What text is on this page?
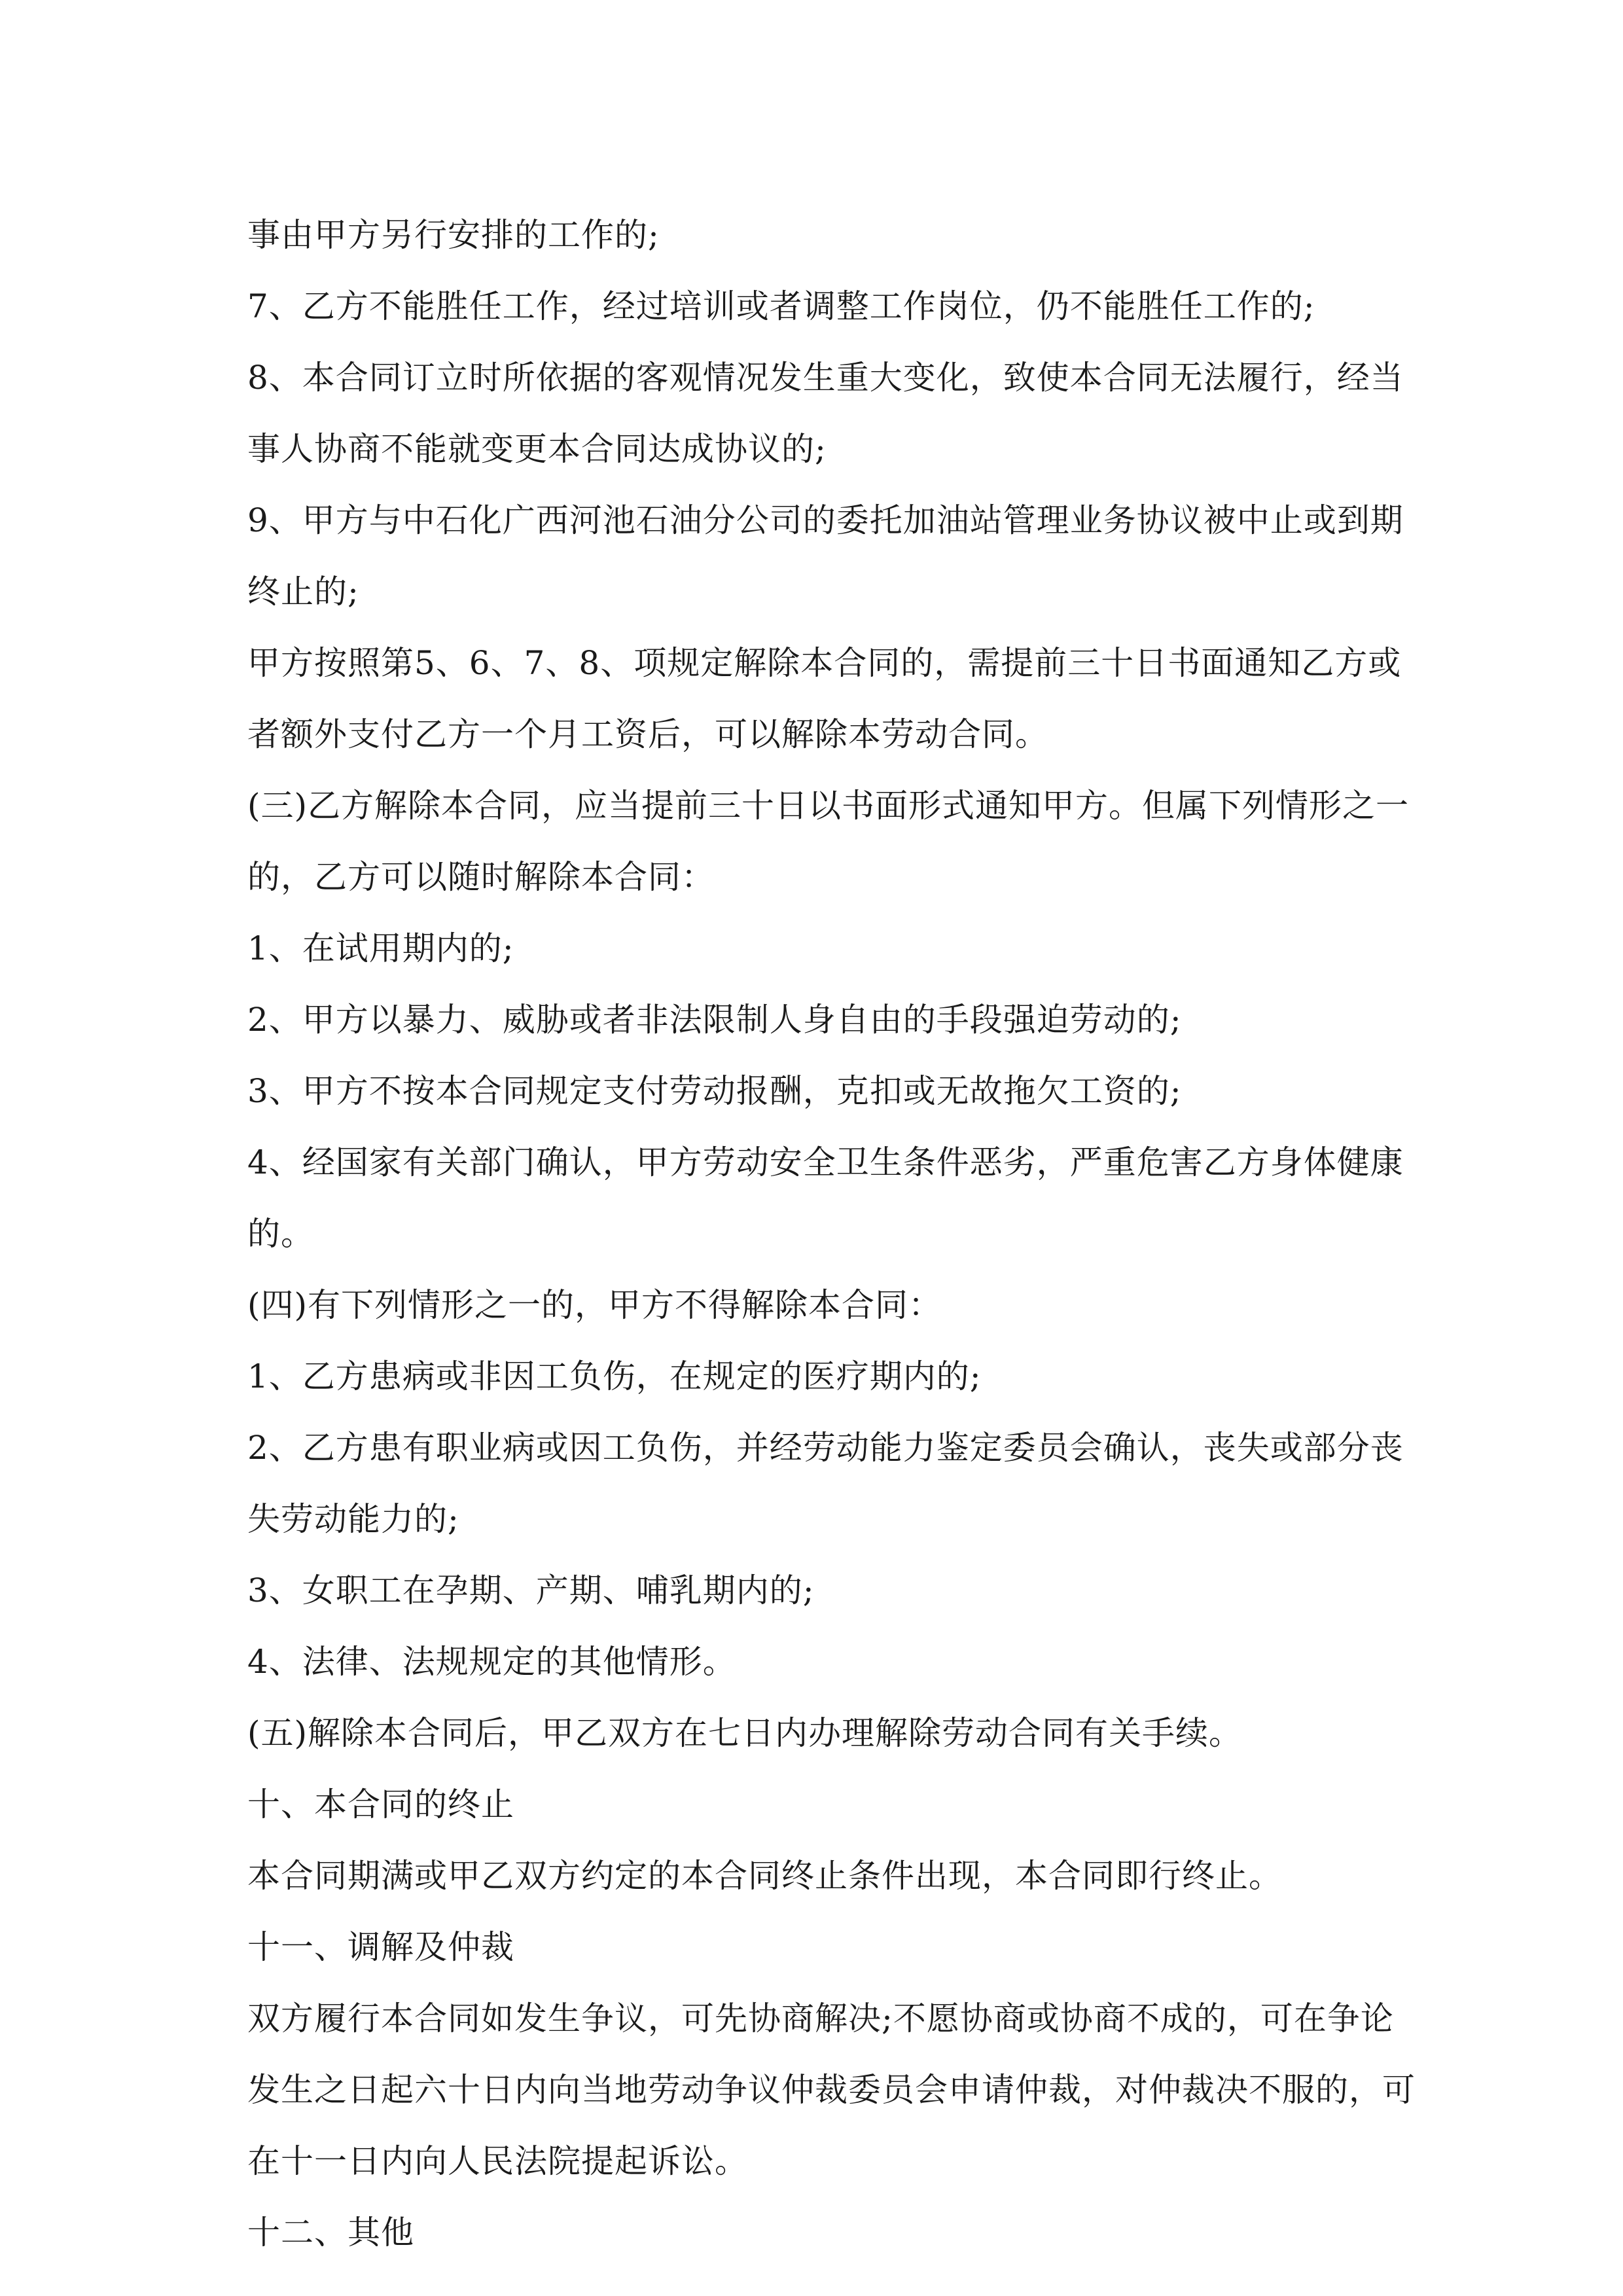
事由甲方另行安排的工作的;
7、乙方不能胜任工作，经过培训或者调整工作岗位，仍不能胜任工作的;
8、本合同订立时所依据的客观情况发生重大变化，致使本合同无法履行，经当
事人协商不能就变更本合同达成协议的;
9、甲方与中石化广西河池石油分公司的委托加油站管理业务协议被中止或到期
终止的;
甲方按照第5、6、7、8、项规定解除本合同的，需提前三十日书面通知乙方或
者额外支付乙方一个月工资后，可以解除本劳动合同。
(三)乙方解除本合同，应当提前三十日以书面形式通知甲方。但属下列情形之一
的，乙方可以随时解除本合同：
1、在试用期内的;
2、甲方以暴力、威胁或者非法限制人身自由的手段强迫劳动的;
3、甲方不按本合同规定支付劳动报酬，克扣或无故拖欠工资的;
4、经国家有关部门确认，甲方劳动安全卫生条件恶劣，严重危害乙方身体健康
的。
(四)有下列情形之一的，甲方不得解除本合同：
1、乙方患病或非因工负伤，在规定的医疗期内的;
2、乙方患有职业病或因工负伤，并经劳动能力鉴定委员会确认，丧失或部分丧
失劳动能力的;
3、女职工在孕期、产期、哺乳期内的;
4、法律、法规规定的其他情形。
(五)解除本合同后，甲乙双方在七日内办理解除劳动合同有关手续。
十、本合同的终止
本合同期满或甲乙双方约定的本合同终止条件出现，本合同即行终止。
十一、调解及仲裁
双方履行本合同如发生争议，可先协商解决;不愿协商或协商不成的，可在争论
发生之日起六十日内向当地劳动争议仲裁委员会申请仲裁，对仲裁决不服的，可
在十一日内向人民法院提起诉讼。
十二、其他
